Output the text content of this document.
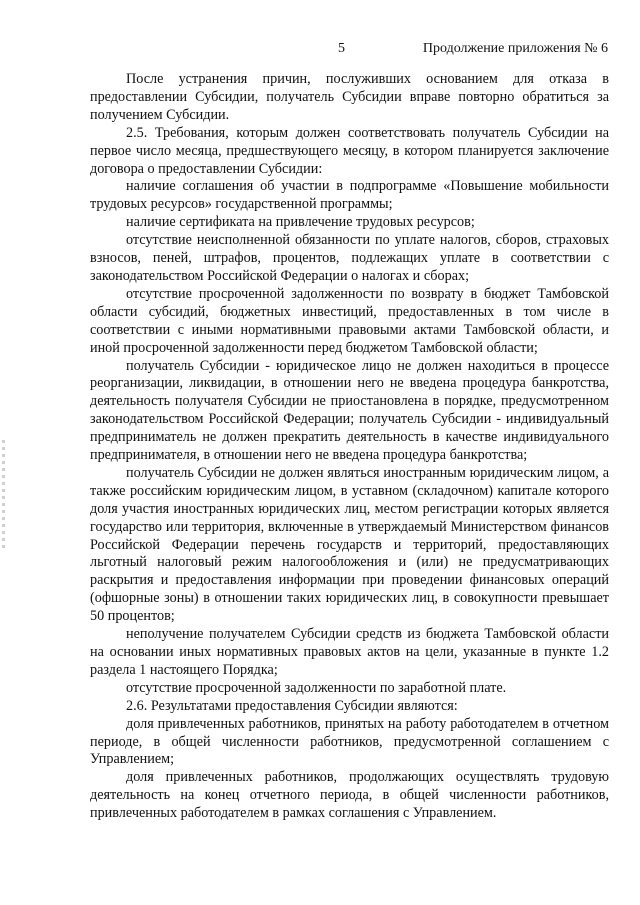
5	Продолжение приложения № 6

После устранения причин, послуживших основанием для отказа в предоставлении Субсидии, получатель Субсидии вправе повторно обратиться за получением Субсидии.

2.5. Требования, которым должен соответствовать получатель Субсидии на первое число месяца, предшествующего месяцу, в котором планируется заключение договора о предоставлении Субсидии:

наличие соглашения об участии в подпрограмме «Повышение мобильности трудовых ресурсов» государственной программы;

наличие сертификата на привлечение трудовых ресурсов;

отсутствие неисполненной обязанности по уплате налогов, сборов, страховых взносов, пеней, штрафов, процентов, подлежащих уплате в соответствии с законодательством Российской Федерации о налогах и сборах;

отсутствие просроченной задолженности по возврату в бюджет Тамбовской области субсидий, бюджетных инвестиций, предоставленных в том числе в соответствии с иными нормативными правовыми актами Тамбовской области, и иной просроченной задолженности перед бюджетом Тамбовской области;

получатель Субсидии - юридическое лицо не должен находиться в процессе реорганизации, ликвидации, в отношении него не введена процедура банкротства, деятельность получателя Субсидии не приостановлена в порядке, предусмотренном законодательством Российской Федерации; получатель Субсидии - индивидуальный предприниматель не должен прекратить деятельность в качестве индивидуального предпринимателя, в отношении него не введена процедура банкротства;

получатель Субсидии не должен являться иностранным юридическим лицом, а также российским юридическим лицом, в уставном (складочном) капитале которого доля участия иностранных юридических лиц, местом регистрации которых является государство или территория, включенные в утверждаемый Министерством финансов Российской Федерации перечень государств и территорий, предоставляющих льготный налоговый режим налогообложения и (или) не предусматривающих раскрытия и предоставления информации при проведении финансовых операций (офшорные зоны) в отношении таких юридических лиц, в совокупности превышает 50 процентов;

неполучение получателем Субсидии средств из бюджета Тамбовской области на основании иных нормативных правовых актов на цели, указанные в пункте 1.2 раздела 1 настоящего Порядка;

отсутствие просроченной задолженности по заработной плате.

2.6. Результатами предоставления Субсидии являются:

доля привлеченных работников, принятых на работу работодателем в отчетном периоде, в общей численности работников, предусмотренной соглашением с Управлением;

доля привлеченных работников, продолжающих осуществлять трудовую деятельность на конец отчетного периода, в общей численности работников, привлеченных работодателем в рамках соглашения с Управлением.
